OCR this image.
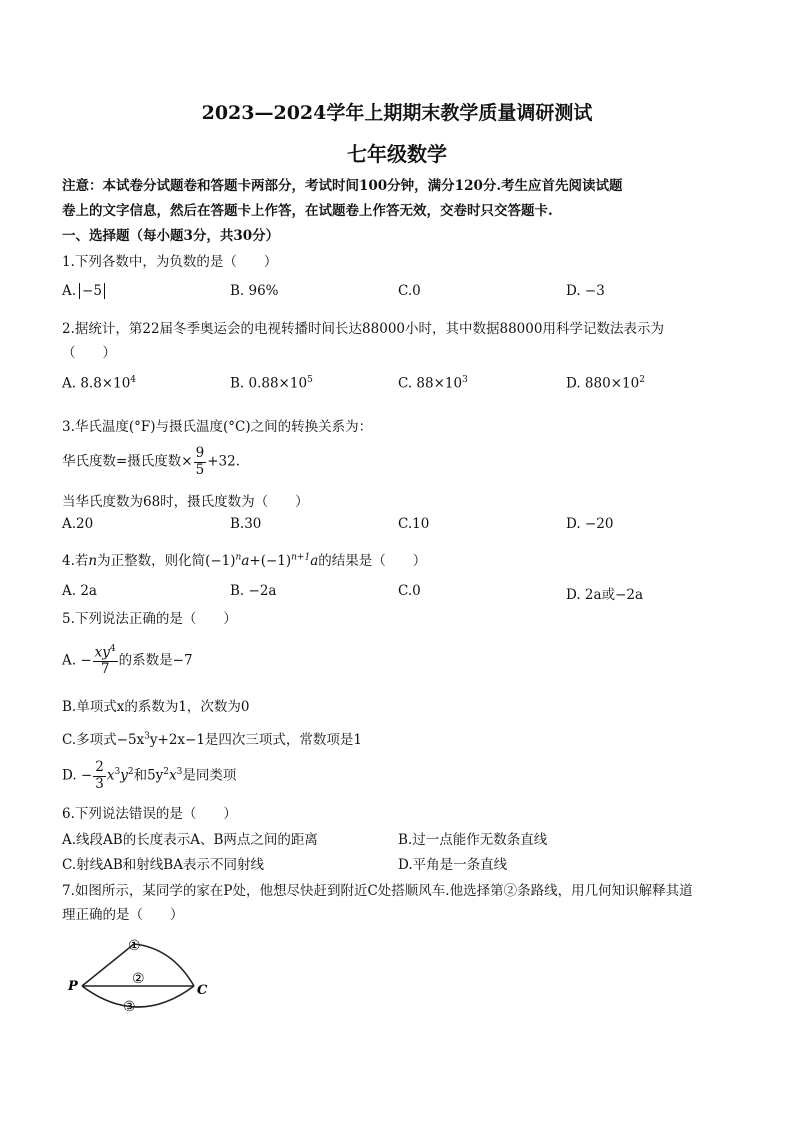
2023—2024学年上期期末教学质量调研测试
七年级数学
注意：本试卷分试题卷和答题卡两部分，考试时间100分钟，满分120分.考生应首先阅读试题
卷上的文字信息，然后在答题卡上作答，在试题卷上作答无效，交卷时只交答题卡.
一、选择题（每小题3分，共30分）
1.下列各数中，为负数的是（　　）
A. −5	B. 96%	C.0	D. −3
2.据统计，第22届冬季奥运会的电视转播时间长达88000小时，其中数据88000用科学记数法表示为
（　　）
A. $8.8\times 10^4$	B. $0.88\times 10^5$	C. $88\times 10^3$	D. $880\times 10^2$
3.华氏温度(°F)与摄氏温度(°C)之间的转换关系为：
华氏度数=摄氏度数× $\frac{9}{5} +32$.
当华氏度数为68时，摄氏度数为（　　）
A.20	B.30	C.10	D. −20
4.若n为正整数，则化简$(-1)^na+(-1)^{n+1}a$的结果是（　　）
A. 2a	B. −2a	C.0	D. 2a或−2a
5.下列说法正确的是（　　）
A. − $\frac{xy^4}{7}$ 的系数是−7
B.单项式x的系数为1，次数为0
C.多项式$-5x^3y+2x-1$是四次三项式，常数项是1
D. − $\frac{2}{3} x^3y^2$和$5y^2x^3$是同类项
6.下列说法错误的是（　　）
A.线段AB的长度表示A、B两点之间的距离	B.过一点能作无数条直线
C.射线AB和射线BA表示不同射线	D.平角是一条直线
7.如图所示，某同学的家在P处，他想尽快赶到附近C处搭顺风车.他选择第②条路线，用几何知识解释其道
理正确的是（　　）
P	C
①
②
③
